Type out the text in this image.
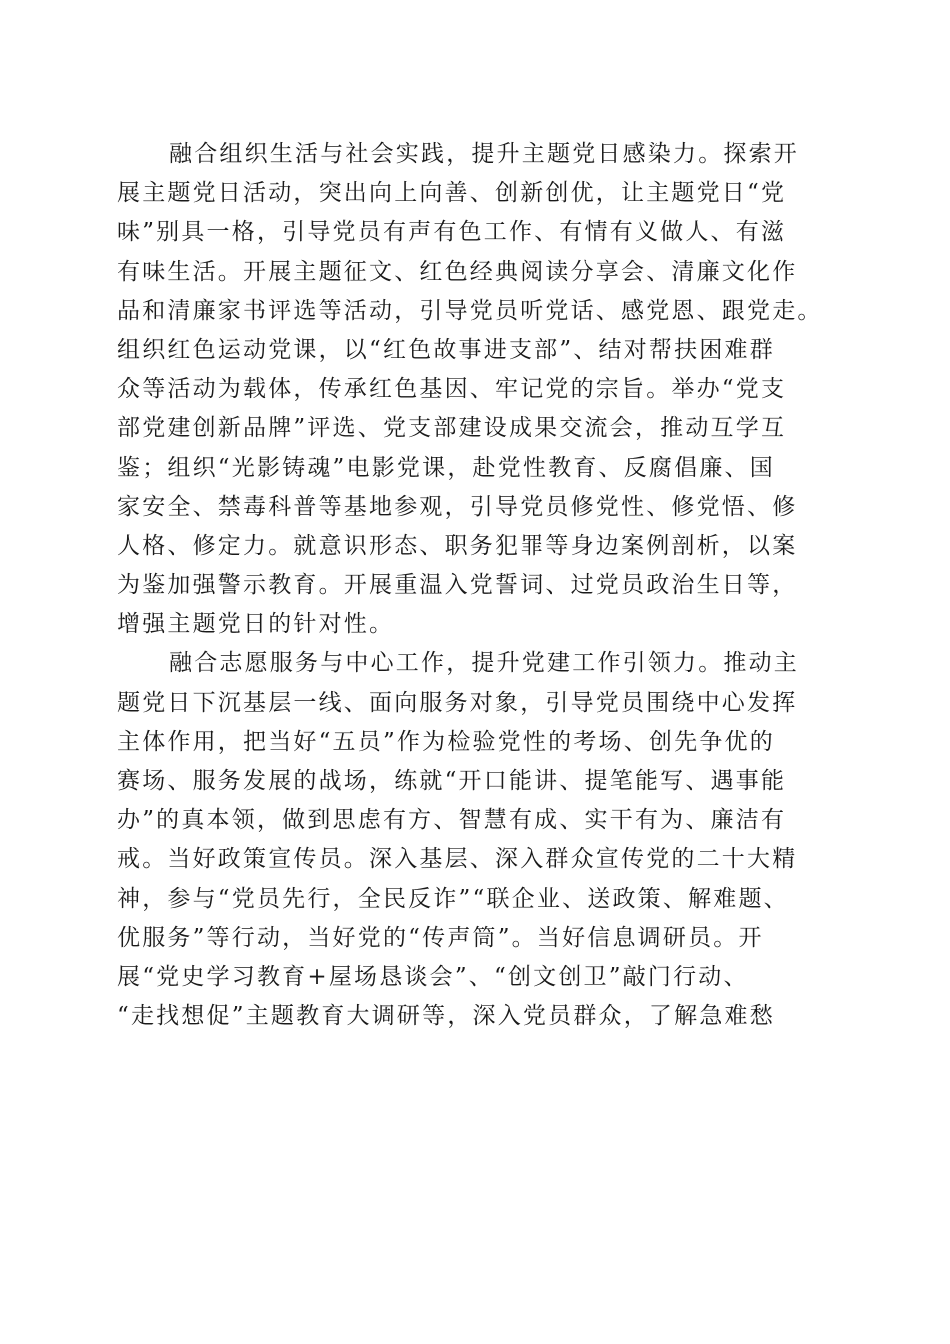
融合组织生活与社会实践，提升主题党日感染力。探索开
展主题党日活动，突出向上向善、创新创优，让主题党日“党
味”别具一格，引导党员有声有色工作、有情有义做人、有滋
有味生活。开展主题征文、红色经典阅读分享会、清廉文化作
品和清廉家书评选等活动，引导党员听党话、感党恩、跟党走。
组织红色运动党课，以“红色故事进支部”、结对帮扶困难群
众等活动为载体，传承红色基因、牢记党的宗旨。举办“党支
部党建创新品牌”评选、党支部建设成果交流会，推动互学互
鉴；组织“光影铸魂”电影党课，赴党性教育、反腐倡廉、国
家安全、禁毒科普等基地参观，引导党员修党性、修党悟、修
人格、修定力。就意识形态、职务犯罪等身边案例剖析，以案
为鉴加强警示教育。开展重温入党誓词、过党员政治生日等，
增强主题党日的针对性。
融合志愿服务与中心工作，提升党建工作引领力。推动主
题党日下沉基层一线、面向服务对象，引导党员围绕中心发挥
主体作用，把当好“五员”作为检验党性的考场、创先争优的
赛场、服务发展的战场，练就“开口能讲、提笔能写、遇事能
办”的真本领，做到思虑有方、智慧有成、实干有为、廉洁有
戒。当好政策宣传员。深入基层、深入群众宣传党的二十大精
神，参与“党员先行，全民反诈”“联企业、送政策、解难题、
优服务”等行动，当好党的“传声筒”。当好信息调研员。开
展“党史学习教育+屋场恳谈会”、“创文创卫”敲门行动、
“走找想促”主题教育大调研等，深入党员群众，了解急难愁
